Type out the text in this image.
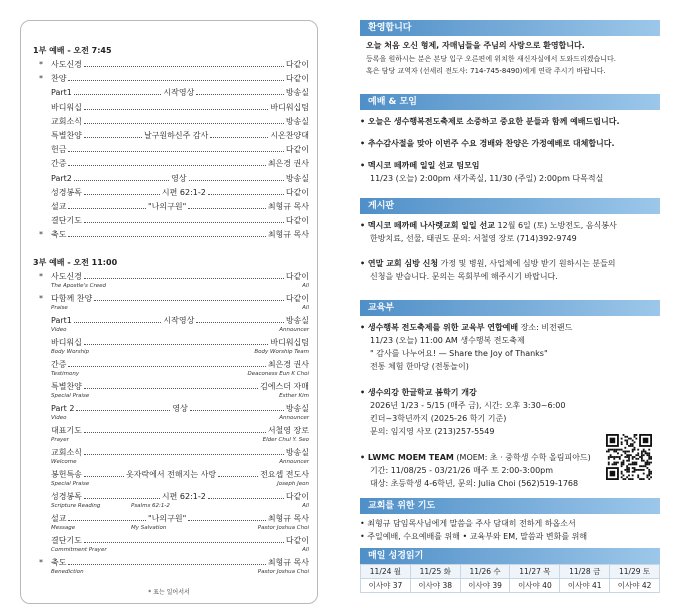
1부 예배 - 오전 7:45
3부 예배 - 오전 11:00
* 표는 일어서서
*	사도신경	다같이
*	찬양	다같이
Part1	시작영상	방송실
바디워십	바디워십팀
교회소식	방송실
특별찬양	날구원하신주 감사	시온찬양대
헌금	다같이
간증	최은경 권사
Part2	영상	방송실
성경봉독	시편 62:1-2	다같이
설교	"나의구원"	최형규 목사
결단기도	다같이
*	축도	최형규 목사
*	사도신경	다같이
The Apostle's Creed	All
*	다함께 찬양	다같이
Praise	All
Part1	시작영상	방송실
Video	Announcer
바디워십	바디워십팀
Body Worship	Body Worship Team
간증	최은경 권사
Testimony	Deaconess Eun K Choi
특별찬양	김에스더 자매
Special Praise	Esther Kim
Part 2	영상	방송실
Video	Announcer
대표기도	서철영 장로
Prayer	Elder Chul Y. Seo
교회소식	방송실
Welcome	Announcer
봉헌특송	옷자락에서 전해지는 사랑	전요셉 전도사
Special Praise	Joseph Jeon
성경봉독	시편 62:1-2	다같이
Scripture Reading	Psalms 62:1-2	All
설교	"나의구원"	최형규 목사
Message	My Salvation	Pastor Joshua Choi
결단기도	다같이
Commitment Prayer	All
*	축도	최형규 목사
Benediction	Pastor Joshua Choi
환영합니다
오늘 처음 오신 형제, 자매님들을 주님의 사랑으로 환영합니다.
등록을 원하시는 분은 본당 입구 오른편에 위치한 새신자실에서 도와드리겠습니다.
혹은 담당 교역자 (선세리 전도사: 714-745-8490)에게 연락 주시기 바랍니다.
예배 & 모임
• 오늘은 생수행복전도축제로 소중하고 중요한 분들과 함께 예배드립니다.
• 추수감사절을 맞아 이번주 수요 경배와 찬양은 가정예배로 대체합니다.
• 멕시코 떼까떼 일일 선교 팀모임
11/23 (오늘) 2:00pm 새가족실, 11/30 (주일) 2:00pm 다목적실
게시판
• 멕시코 떼까떼 나사렛교회 일일 선교 12월 6일 (토) 노방전도, 음식봉사
한방치료, 선물, 태권도 문의: 서철영 장로 (714)392-9749
• 연말 교회 심방 신청 가정 및 병원, 사업체에 심방 받기 원하시는 분들의
신청을 받습니다. 문의는 목회부에 해주시기 바랍니다.
교육부
• 생수행복 전도축제를 위한 교육부 연합예배 장소: 비전랜드
11/23 (오늘) 11:00 AM 생수행복 전도축제
" 감사를 나누어요! — Share the Joy of Thanks"
전통 체험 한마당 (전통놀이)
• 생수의강 한글학교 봄학기 개강
2026년 1/23 - 5/15 (매주 금), 시간: 오후 3:30~6:00
킨더~3학년까지 (2025-26 학기 기준)
문의: 임지영 사모 (213)257-5549
• LWMC MOEM TEAM (MOEM: 초 · 중학생 수학 올림피아드)
기간: 11/08/25 - 03/21/26 매주 토 2:00-3:00pm
대상: 초등학생 4-6학년, 문의: Julia Choi (562)519-1768
교회를 위한 기도
• 최형규 담임목사님에게 말씀을 주사 담대히 전하게 하옵소서
• 주일예배, 수요예배를 위해 • 교육부와 EM, 말씀과 변화를 위해
매일 성경읽기
11/24 월	11/25 화	11/26 수	11/27 목	11/28 금	11/29 토
이사야 37	이사야 38	이사야 39	이사야 40	이사야 41	이사야 42
